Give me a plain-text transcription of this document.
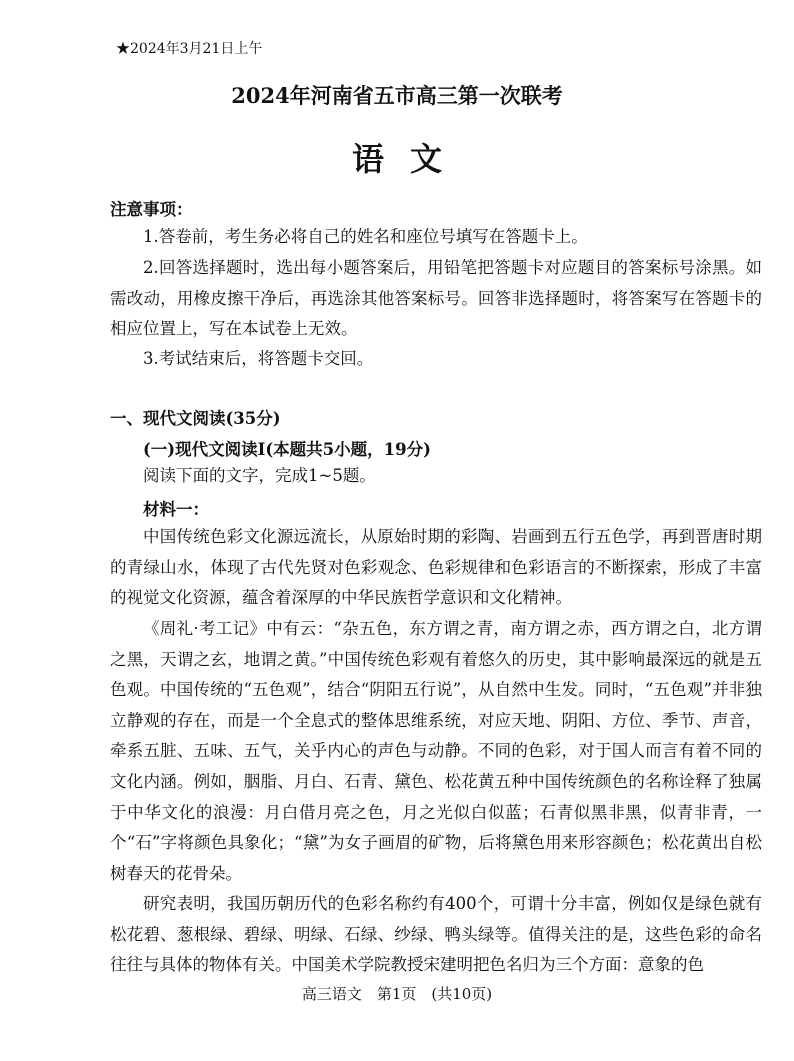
★2024年3月21日上午
2024年河南省五市高三第一次联考
语文
注意事项：
1.答卷前，考生务必将自己的姓名和座位号填写在答题卡上。
2.回答选择题时，选出每小题答案后，用铅笔把答题卡对应题目的答案标号涂黑。如需改动，用橡皮擦干净后，再选涂其他答案标号。回答非选择题时，将答案写在答题卡的相应位置上，写在本试卷上无效。
3.考试结束后，将答题卡交回。
一、现代文阅读(35分)
(一)现代文阅读Ⅰ(本题共5小题，19分)
阅读下面的文字，完成1~5题。
材料一：
中国传统色彩文化源远流长，从原始时期的彩陶、岩画到五行五色学，再到晋唐时期的青绿山水，体现了古代先贤对色彩观念、色彩规律和色彩语言的不断探索，形成了丰富的视觉文化资源，蕴含着深厚的中华民族哲学意识和文化精神。
《周礼·考工记》中有云：“杂五色，东方谓之青，南方谓之赤，西方谓之白，北方谓之黑，天谓之玄，地谓之黄。”中国传统色彩观有着悠久的历史，其中影响最深远的就是五色观。中国传统的“五色观”，结合“阴阳五行说”，从自然中生发。同时，“五色观”并非独立静观的存在，而是一个全息式的整体思维系统，对应天地、阴阳、方位、季节、声音，牵系五脏、五味、五气，关乎内心的声色与动静。不同的色彩，对于国人而言有着不同的文化内涵。例如，胭脂、月白、石青、黛色、松花黄五种中国传统颜色的名称诠释了独属于中华文化的浪漫：月白借月亮之色，月之光似白似蓝；石青似黑非黑，似青非青，一个“石”字将颜色具象化；“黛”为女子画眉的矿物，后将黛色用来形容颜色；松花黄出自松树春天的花骨朵。
研究表明，我国历朝历代的色彩名称约有400个，可谓十分丰富，例如仅是绿色就有松花碧、葱根绿、碧绿、明绿、石绿、纱绿、鸭头绿等。值得关注的是，这些色彩的命名往往与具体的物体有关。中国美术学院教授宋建明把色名归为三个方面：意象的色
高三语文　第1页　(共10页)
